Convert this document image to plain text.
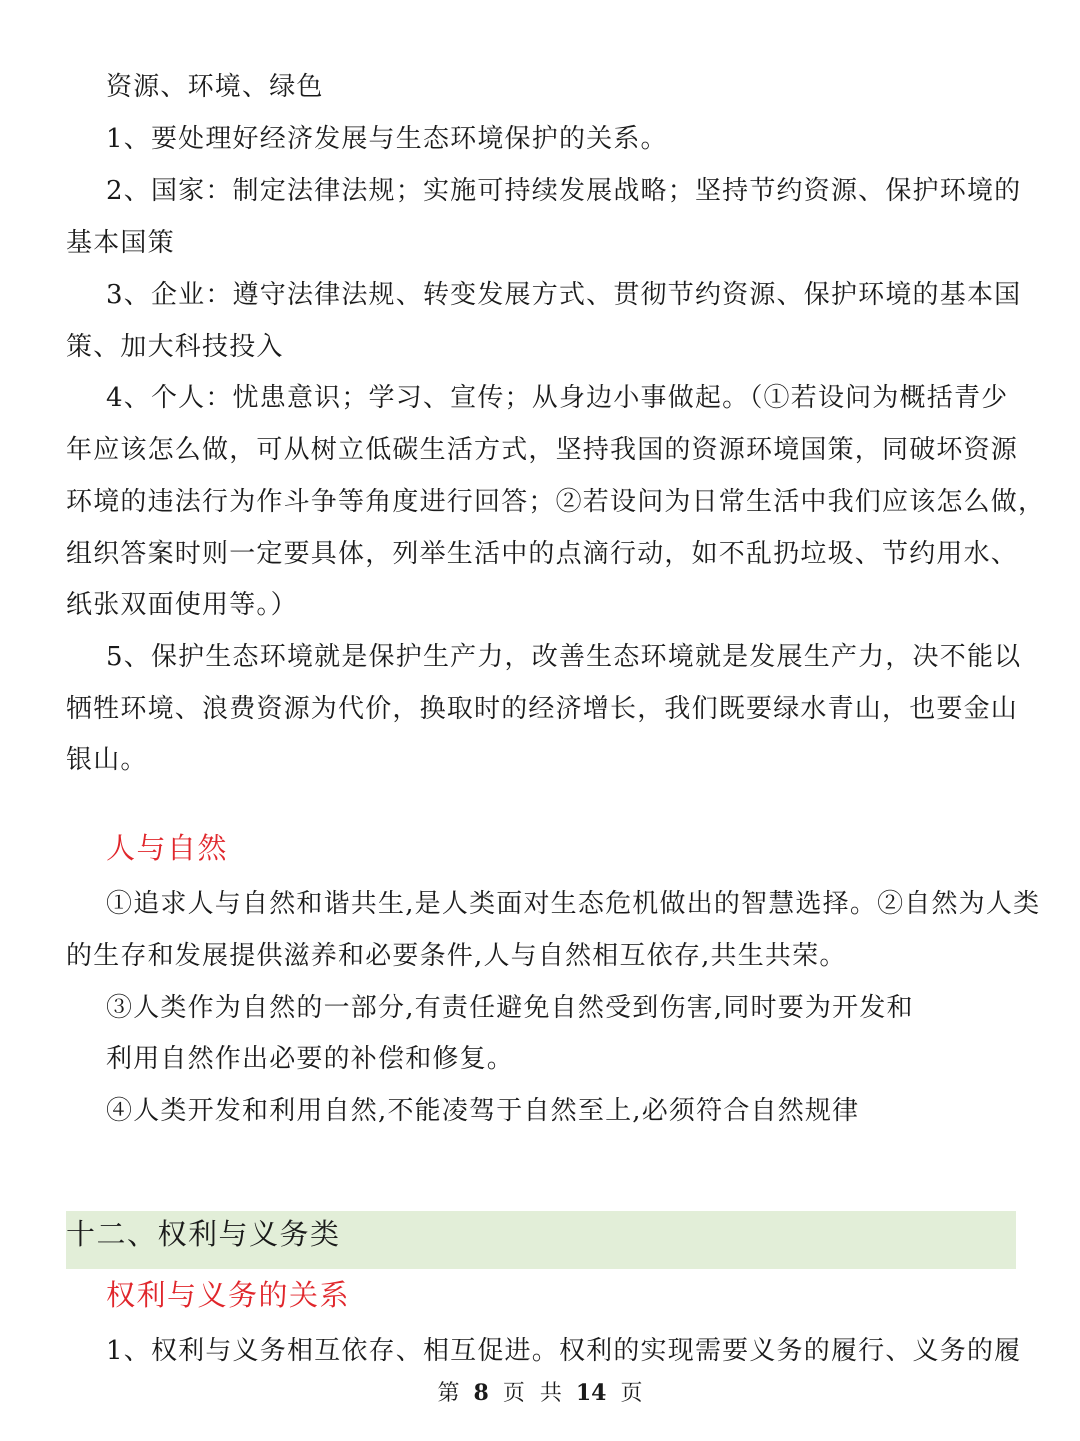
资源、环境、绿色
1、要处理好经济发展与生态环境保护的关系。
2、国家：制定法律法规；实施可持续发展战略；坚持节约资源、保护环境的
基本国策
3、企业：遵守法律法规、转变发展方式、贯彻节约资源、保护环境的基本国
策、加大科技投入
4、个人：忧患意识；学习、宣传；从身边小事做起。（①若设问为概括青少
年应该怎么做，可从树立低碳生活方式，坚持我国的资源环境国策，同破坏资源
环境的违法行为作斗争等角度进行回答；②若设问为日常生活中我们应该怎么做，
组织答案时则一定要具体，列举生活中的点滴行动，如不乱扔垃圾、节约用水、
纸张双面使用等。）
5、保护生态环境就是保护生产力，改善生态环境就是发展生产力，决不能以
牺牲环境、浪费资源为代价，换取时的经济增长，我们既要绿水青山，也要金山
银山。
人与自然
①追求人与自然和谐共生,是人类面对生态危机做出的智慧选择。②自然为人类
的生存和发展提供滋养和必要条件,人与自然相互依存,共生共荣。
③人类作为自然的一部分,有责任避免自然受到伤害,同时要为开发和
利用自然作出必要的补偿和修复。
④人类开发和利用自然,不能凌驾于自然至上,必须符合自然规律
十二、权利与义务类
权利与义务的关系
1、权利与义务相互依存、相互促进。权利的实现需要义务的履行、义务的履
第 8 页 共 14 页
